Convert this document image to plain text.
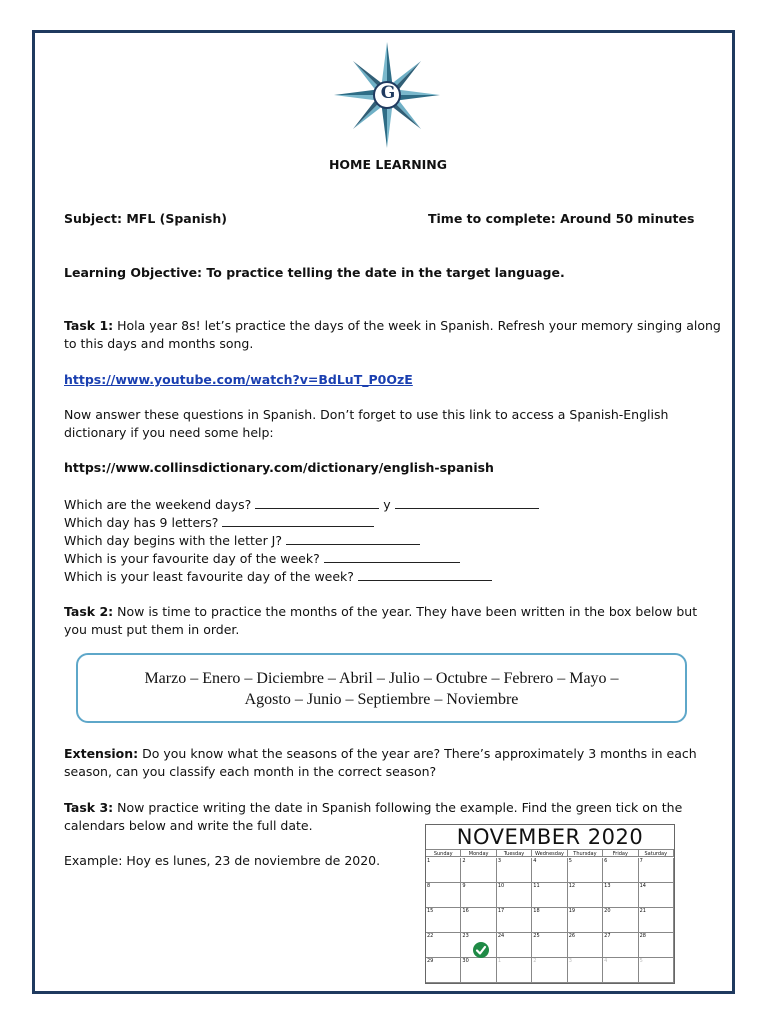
G
HOME LEARNING
Subject: MFL (Spanish)	Time to complete: Around 50 minutes
Learning Objective: To practice telling the date in the target language.
Task 1: Hola year 8s! let’s practice the days of the week in Spanish. Refresh your memory singing along
to this days and months song.
https://www.youtube.com/watch?v=BdLuT_P0OzE
Now answer these questions in Spanish. Don’t forget to use this link to access a Spanish-English
dictionary if you need some help:
https://www.collinsdictionary.com/dictionary/english-spanish
Which are the weekend days?	y
Which day has 9 letters?
Which day begins with the letter J?
Which is your favourite day of the week?
Which is your least favourite day of the week?
Task 2: Now is time to practice the months of the year. They have been written in the box below but
you must put them in order.
Marzo – Enero – Diciembre – Abril – Julio – Octubre – Febrero – Mayo –
Agosto – Junio – Septiembre – Noviembre
Extension: Do you know what the seasons of the year are? There’s approximately 3 months in each
season, can you classify each month in the correct season?
Task 3: Now practice writing the date in Spanish following the example. Find the green tick on the
calendars below and write the full date.
Example: Hoy es lunes, 23 de noviembre de 2020.
NOVEMBER 2020
Sunday	Monday	Tuesday	Wednesday	Thursday	Friday	Saturday
1	2	3	4	5	6	7
8	9	10	11	12	13	14
15	16	17	18	19	20	21
22	23	24	25	26	27	28
29	30	1	2	3	4	5
